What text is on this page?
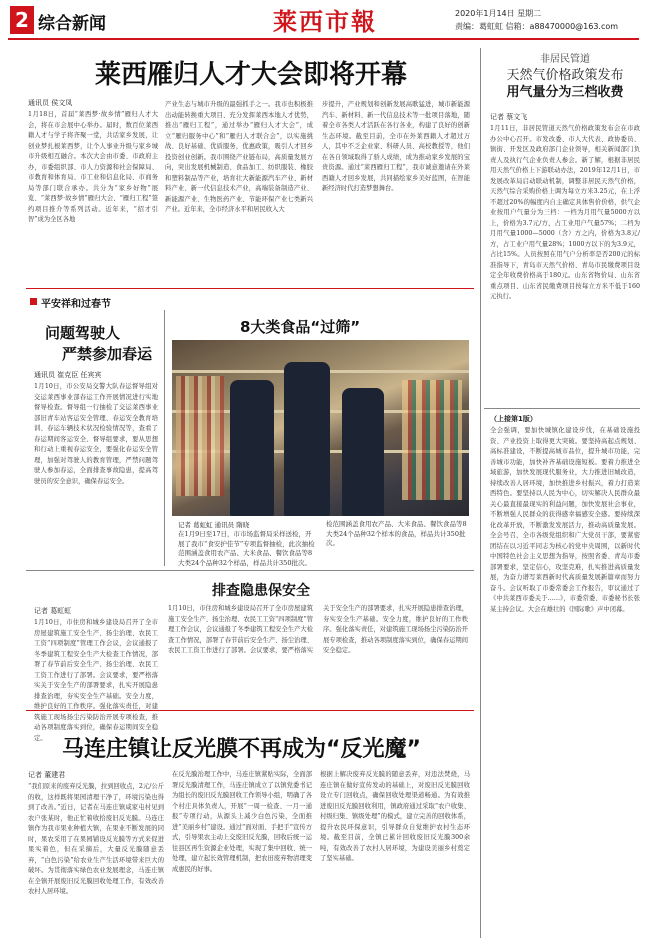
2 综合新闻	莱西市報	2020年1月14日 星期二
责编：葛虹虹 信箱：a88470000@163.com
莱西雁归人才大会即将开幕
通讯员 侯文凤
1月18日，首届“莱西梦·故乡情”雁归人才大会，将在市会展中心举办。届时，数百位莱西籍人才与学子将齐聚一堂，共话家乡发展，让创业梦扎根莱西梦，让个人事业升级与家乡城市升级相互融合。本次大会由市委、市政府主办，市委组织部、市人力资源和社会保障局、市教育和体育局、市工业和信息化局、市商务局等部门联合承办。共分为“家乡好物”展览、“莱西梦·故乡情”雁归大会、“雁归工程”签约项目推介等系列活动。近年来，“招才引智”成为全区各地
产业生态与城市升级的最强抓手之一。我市也积极推出动能转换重大项目、充分发挥莱西本地人才优势，推出“雁归工程”，通过举办“雁归人才大会”，成立“雁归服务中心”和“雁归人才联合会”，以实施挑战、良好基础、优质服务，优惠政策，吸引人才回乡投资创业创新。我市围绕产业链布局，高质量发展方向，突出发展机械制造、食品加工、纺织服装、橡胶和塑料制品等产业，培育壮大新能源汽车产业、新材料产业、新一代信息技术产业，高端装备制造产业、新能源产业、生物医药产业、节能环保产业七类新兴产业。近年来，全市经济水平和居民收入大
步提升，产业规划和创新发展高歌猛进，城市新能源汽车、新材料、新一代信息技术等一批项目落地，随着全市各类人才活跃在各行各业，构建了良好的创新生态环境。截至目前，全市在外莱西籍人才超过万人，其中不乏企业家、科研人员、高校教授等，他们在各自领域取得了骄人成绩，成为推动家乡发展的宝贵资源。通过“莱西雁归工程”，我市诚意邀请在外莱西籍人才回乡发展，共同描绘家乡美好蓝图，在智能新经济时代打造梦想舞台。
非居民管道
天然气价格政策发布
用气量分为三档收费
记者 蔡文飞
1月11日，非居民管道天然气价格政策发布会在市政办公中心召开。市发改委、市人大代表、政协委员、镇街、开发区及政府部门企业领导，相关新闻部门负责人及执行气企业负责人参会。新了解，根据非居民用天然气价格上下游联动办法，2019年12月1日，市发展改革局启动联动机制，调整非居民天然气价格，天然气综合采购价格上调为每立方米3.25元，在上浮不超过20%的幅度内自主确定具体售价价格，供气企业按用户气量分为三档：一档为月用气量5000方以上，价格为3.7元/方，占工业用户气量57%；二档为月用气量1000—5000（含）方之内，价格为3.8元/方，占工业户用气量28%；1000方以下的为3.9元，占比15%。人员按照在用气户分析率是否200元的标准指导下，青岛市天然气价格、青岛市民缴费项目设定全年收费价格高于180元。山东省物价局、山东省重点项目、山东省民缴费项目按每立方米不低于160元执行。
（上接第1版）
全会强调，要加快城镇化建设步伐，在基础设施投资、产业投资上取得更大突破。要坚持高起点规划、高标准建设，不断提高城市品位，提升城市功能，完善城市功能，加快补齐基础设施短板。要着力推进全域旅游，加快发展现代服务业，大力推进旧城改造，持续改善人居环境，加快推进乡村振兴，着力打造莱西特色。要坚持以人民为中心，切实解决人民群众最关心最直接最现实的利益问题，加快发展社会事业，不断增强人民群众的获得感幸福感安全感。要持续深化改革开放，不断激发发展活力，推动高质量发展。全会号召，全市各级党组织和广大党员干部，要紧密团结在以习近平同志为核心的党中央周围，以新时代中国特色社会主义思想为指导，按照省委、青岛市委部署要求，坚定信心，攻坚克难，扎实推进高质量发展，为奋力谱写莱西新时代高质量发展新篇章而努力奋斗。会议听取了市委常委会工作报告，审议通过了《中共莱西市委关于……》，市委常委、市委秘书长张某主持会议。大会在雄壮的《国际歌》声中闭幕。
平安祥和过春节
问题驾驶人
严禁参加春运
通讯员 崔克臣 任宾宾
1月10日，市公安局交警大队春运督导组对交运莱西事业部春运工作开展情况进行实地督导检查。督导组一行抽检了交运莱西事业部旧青车站客运安全管理、春运安全教育培训、春运车辆技术状况检验情况等，查看了春运期间客运安全、督导组要求，要从思想和行动上重视春运安全，要强化春运安全管理，加强对驾驶人的教育管理，严禁问题驾驶人参加春运，全面排查事故隐患，提高驾驶员的安全意识，确保春运安全。
8大类食品“过筛”
记者 葛虹虹 通讯员 隋晓
在1月9日至17日，市市场监督局采样送检，开展了我市“食安护佳节”专项监督抽检，此次抽检范围涵盖食用农产品、大米食品、餐饮食品等8大类24个品种32个样品，样品共计350批次。
检范围涵盖食用农产品、大米食品、餐饮食品等8大类24个品种32个样本的食品，样品共计350批次。
排查隐患保安全
记者 葛虹虹
1月10日，市住房和城乡建设局召开了全市房屋建筑施工安全生产、扬尘治理、农民工工资“四项制度”管理工作会议，会议通报了冬季建筑工程安全生产大检查工作情况，部署了春节前后安全生产、扬尘治理、农民工工资工作进行了部署。会议要求，要严格落实关于安全生产的部署要求，扎实开展隐患排查治理，夯实安全生产基础。安全力度，维护良好的工作秩序。强化落实责任，对建筑施工现场扬尘污染防治开展专项检查，推动各项制度落实到位，确保春运期间安全稳定。
1月10日，市住房和城乡建设局召开了全市房屋建筑施工安全生产、扬尘治理、农民工工资“四项制度”管理工作会议，会议通报了冬季建筑工程安全生产大检查工作情况，部署了春节前后安全生产、扬尘治理、农民工工资工作进行了部署。会议要求，要严格落实关于安全生产的部署要求，扎实开展隐患排查治理，夯实安全生产基础。安全力度，维护良好的工作秩序。强化落实责任，对建筑施工现场扬尘污染防治开展专项检查，推动各项制度落实到位，确保春运期间安全稳定。
马连庄镇让反光膜不再成为“反光魔”
记者 董建君
“我们原来的废弃反光膜，拉到回收点，2元/公斤的收，这样既将果园清理干净了，环境污染也得到了改善。”近日，记者在马连庄镇咸家屯村见到农户张某时，他正忙着收拾废旧反光膜。马连庄镇作为我市果业种植大镇，在果业不断发展的同时，果农采用了在果园铺设反光膜等方式来促进果实着色，但在采摘后，大量反光膜随意丢弃，“白色污染”给农业生产生活环境带来巨大的破坏。为贯彻落实绿色农业发展理念，马连庄镇在全镇开展废旧反光膜回收处理工作，有效改善农村人居环境。
在反光膜治理工作中，马连庄镇紧贴实际，全面部署反光膜清理工作，马连庄镇成立了以镇党委书记为组长的废旧反光膜回收工作领导小组，明确了各个村庄具体负责人，开展“一周一检查、一月一通报”专项行动，从源头上减少白色污染，全面推进“美丽乡村”建设。通过“面对面、手把手”宣传方式，引导果农主动上交废旧反光膜，回收后统一运往县区再生资源企业处理，实现了集中回收、统一处理，建立起长效管理机制，把农田废弃物清理变成惠民的好事。
根据上解决废弃反光膜的随意丢弃，对违法焚烧，马连庄镇在做好宣传发动的基础上，对废旧反光膜回收设立专门回收点，确保回收处理渠道畅通。为有效推进废旧反光膜回收利用，镇政府通过采取“农户收集、村级归集、镇级处理”的模式，建立完善的回收体系，提升农民环保意识，引导群众自觉维护农村生态环境。截至目前，全镇已累计回收废旧反光膜300余吨，有效改善了农村人居环境，为建设美丽乡村奠定了坚实基础。
